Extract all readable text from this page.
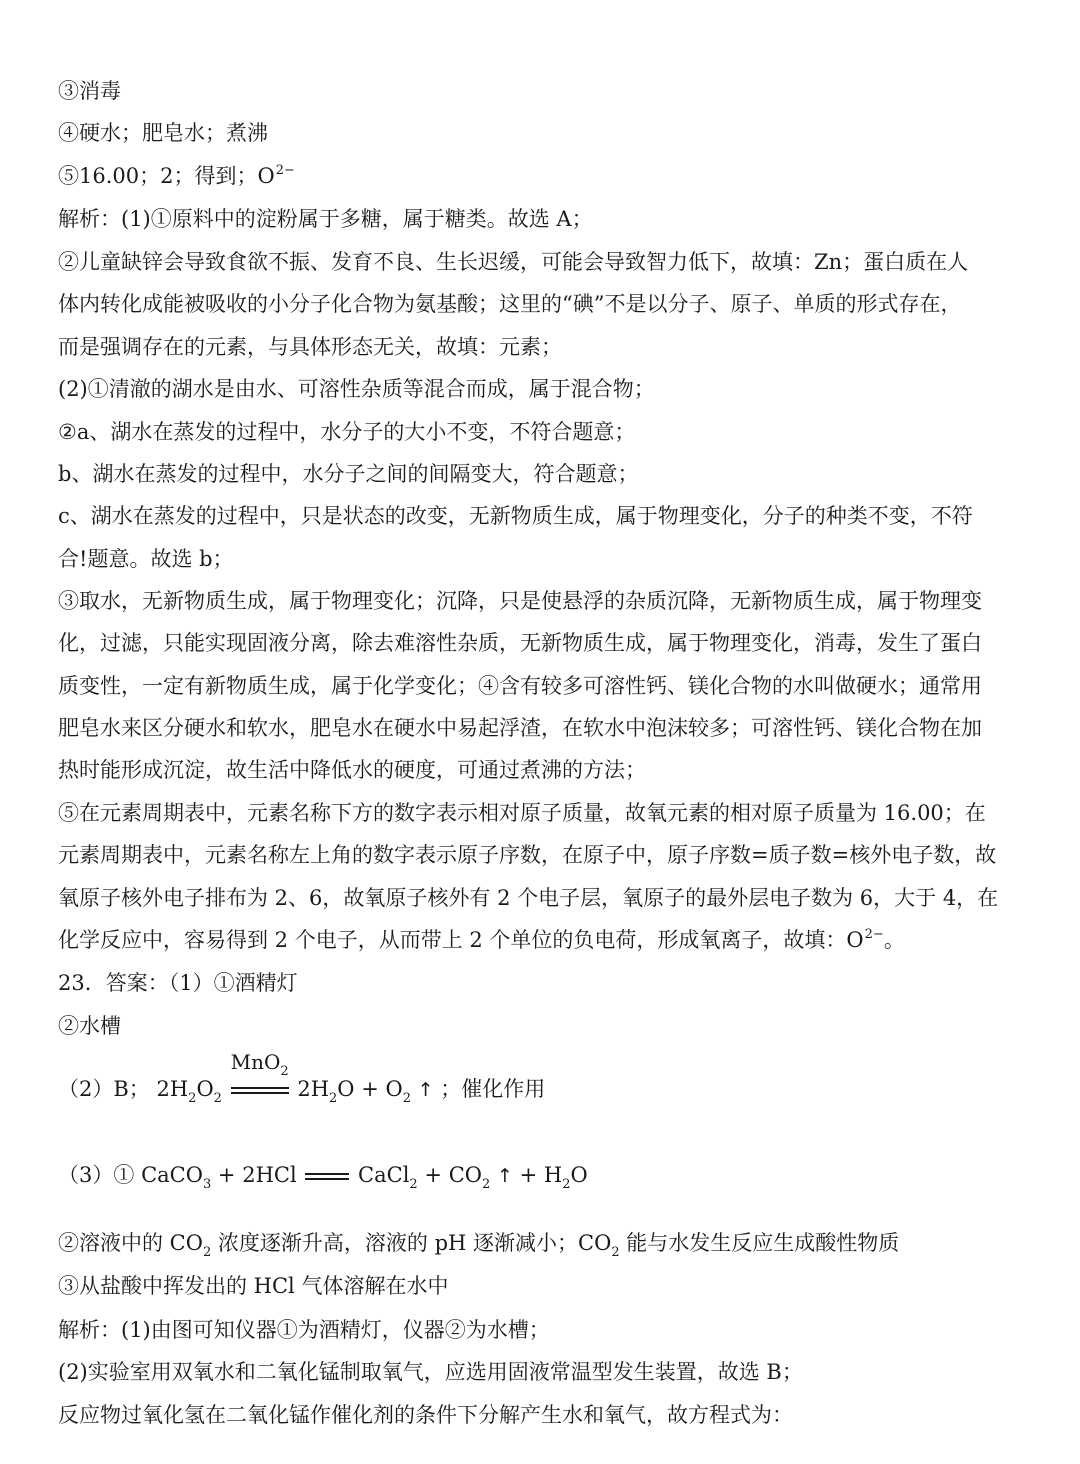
③消毒
④硬水；肥皂水；煮沸
⑤16.00；2；得到；$O^{2-}$
解析：(1)①原料中的淀粉属于多糖，属于糖类。故选 A；
②儿童缺锌会导致食欲不振、发育不良、生长迟缓，可能会导致智力低下，故填：Zn；蛋白质在人
体内转化成能被吸收的小分子化合物为氨基酸；这里的“碘”不是以分子、原子、单质的形式存在，
而是强调存在的元素，与具体形态无关，故填：元素；
(2)①清澈的湖水是由水、可溶性杂质等混合而成，属于混合物；
②a、湖水在蒸发的过程中，水分子的大小不变，不符合题意；
b、湖水在蒸发的过程中，水分子之间的间隔变大，符合题意；
c、湖水在蒸发的过程中，只是状态的改变，无新物质生成，属于物理变化，分子的种类不变，不符
合!题意。故选 b；
③取水，无新物质生成，属于物理变化；沉降，只是使悬浮的杂质沉降，无新物质生成，属于物理变
化，过滤，只能实现固液分离，除去难溶性杂质，无新物质生成，属于物理变化，消毒，发生了蛋白
质变性，一定有新物质生成，属于化学变化；④含有较多可溶性钙、镁化合物的水叫做硬水；通常用
肥皂水来区分硬水和软水，肥皂水在硬水中易起浮渣，在软水中泡沫较多；可溶性钙、镁化合物在加
热时能形成沉淀，故生活中降低水的硬度，可通过煮沸的方法；
⑤在元素周期表中，元素名称下方的数字表示相对原子质量，故氧元素的相对原子质量为 16.00；在
元素周期表中，元素名称左上角的数字表示原子序数，在原子中，原子序数=质子数=核外电子数，故
氧原子核外电子排布为 2、6，故氧原子核外有 2 个电子层，氧原子的最外层电子数为 6，大于 4，在
化学反应中，容易得到 2 个电子，从而带上 2 个单位的负电荷，形成氧离子，故填：$O^{2-}$。
23．答案：（1）①酒精灯
②水槽
（2）B； $2H_2O_2$
MnO$_2$
$2H_2O + O_2$ ↑ ；催化作用
（3）① CaCO$_3$ + 2HCl	CaCl$_2$ + $CO_2$ ↑ + $H_2O$
②溶液中的 $CO_2$ 浓度逐渐升高，溶液的 pH 逐渐减小；$CO_2$ 能与水发生反应生成酸性物质
③从盐酸中挥发出的 HCl 气体溶解在水中
解析：(1)由图可知仪器①为酒精灯，仪器②为水槽；
(2)实验室用双氧水和二氧化锰制取氧气，应选用固液常温型发生装置，故选 B；
反应物过氧化氢在二氧化锰作催化剂的条件下分解产生水和氧气，故方程式为：
